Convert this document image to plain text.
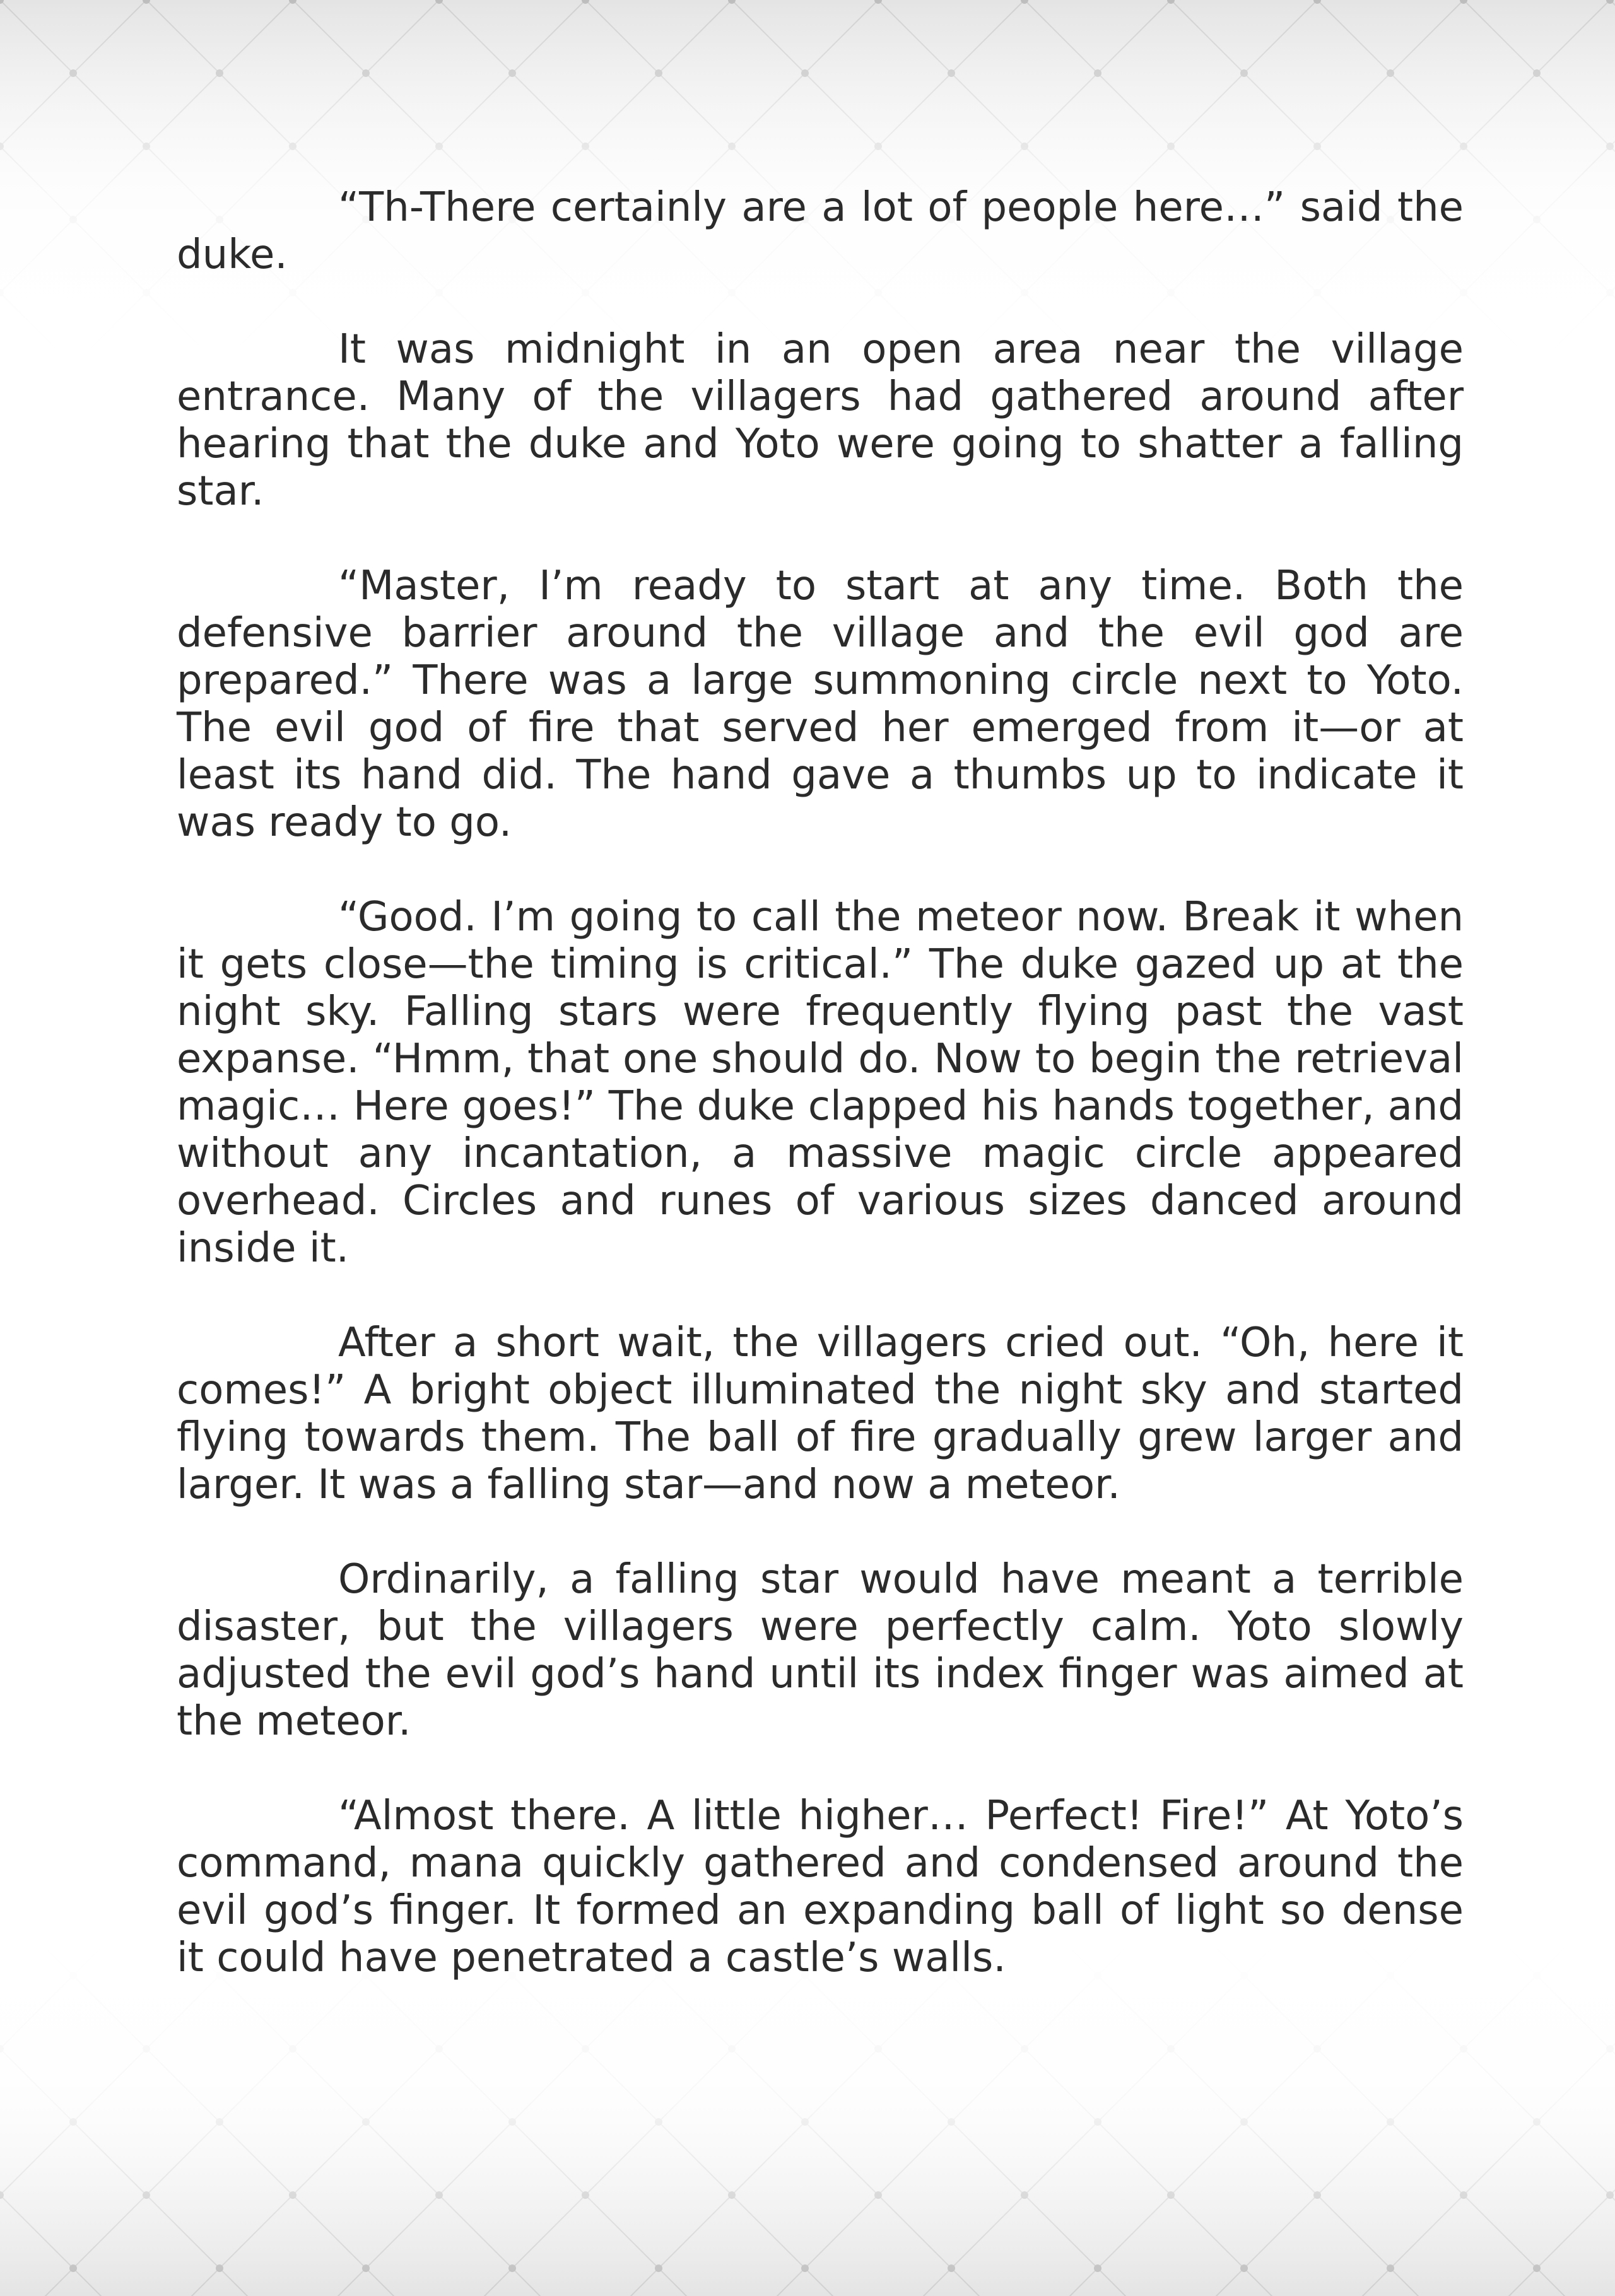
“Th-There certainly are a lot of people here…” said the duke.

It was midnight in an open area near the village entrance. Many of the villagers had gathered around after hearing that the duke and Yoto were going to shatter a falling star.

“Master, I’m ready to start at any time. Both the defensive barrier around the village and the evil god are prepared.” There was a large summoning circle next to Yoto. The evil god of fire that served her emerged from it—or at least its hand did. The hand gave a thumbs up to indicate it was ready to go.

“Good. I’m going to call the meteor now. Break it when it gets close—the timing is critical.” The duke gazed up at the night sky. Falling stars were frequently flying past the vast expanse. “Hmm, that one should do. Now to begin the retrieval magic… Here goes!” The duke clapped his hands together, and without any incantation, a massive magic circle appeared overhead. Circles and runes of various sizes danced around inside it.

After a short wait, the villagers cried out. “Oh, here it comes!” A bright object illuminated the night sky and started flying towards them. The ball of fire gradually grew larger and larger. It was a falling star—and now a meteor.

Ordinarily, a falling star would have meant a terrible disaster, but the villagers were perfectly calm. Yoto slowly adjusted the evil god’s hand until its index finger was aimed at the meteor.

“Almost there. A little higher… Perfect! Fire!” At Yoto’s command, mana quickly gathered and condensed around the evil god’s finger. It formed an expanding ball of light so dense it could have penetrated a castle’s walls.
